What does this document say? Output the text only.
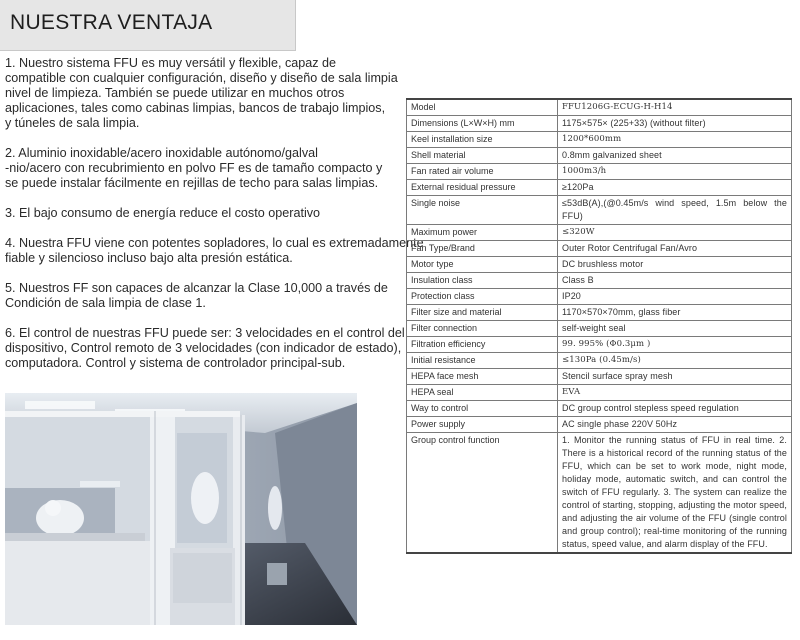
NUESTRA VENTAJA
1. Nuestro sistema FFU es muy versátil y flexible, capaz de
compatible con cualquier configuración, diseño y diseño de sala limpia
nivel de limpieza. También se puede utilizar en muchos otros
aplicaciones, tales como cabinas limpias, bancos de trabajo limpios,
y túneles de sala limpia.
2. Aluminio inoxidable/acero inoxidable autónomo/galval
-nio/acero con recubrimiento en polvo FF es de tamaño compacto y
se puede instalar fácilmente en rejillas de techo para salas limpias.
3. El bajo consumo de energía reduce el costo operativo
4. Nuestra FFU viene con potentes sopladores, lo cual es extremadamente
fiable y silencioso incluso bajo alta presión estática.
5. Nuestros FF son capaces de alcanzar la Clase 10,000 a través de
Condición de sala limpia de clase 1.
6. El control de nuestras FFU puede ser: 3 velocidades en el control del
dispositivo, Control remoto de 3 velocidades (con indicador de estado),
computadora. Control y sistema de controlador principal-sub.
Model	FFU1206G-ECUG-H-H14
Dimensions (L×W×H) mm	1175×575× (225+33) (without filter)
Keel installation size	1200*600mm
Shell material	0.8mm galvanized sheet
Fan rated air volume	1000m3/h
External residual pressure	≥120Pa
Single noise	≤53dB(A),(@0.45m/s wind speed, 1.5m below the FFU)
Maximum power	≤320W
Fan Type/Brand	Outer Rotor Centrifugal Fan/Avro
Motor type	DC brushless motor
Insulation class	Class B
Protection class	IP20
Filter size and material	1170×570×70mm, glass fiber
Filter connection	self-weight seal
Filtration efficiency	99. 995% (Φ0.3μm )
Initial resistance	≤130Pa (0.45m/s)
HEPA face mesh	Stencil surface spray mesh
HEPA seal	EVA
Way to control	DC group control stepless speed regulation
Power supply	AC single phase 220V 50Hz
Group control function	1. Monitor the running status of FFU in real time. 2. There is a historical record of the running status of the FFU, which can be set to work mode, night mode, holiday mode, automatic switch, and can control the switch of FFU regularly. 3. The system can realize the control of starting, stopping, adjusting the motor speed, and adjusting the air volume of the FFU (single control and group control); real-time monitoring of the running status, speed value, and alarm display of the FFU.
